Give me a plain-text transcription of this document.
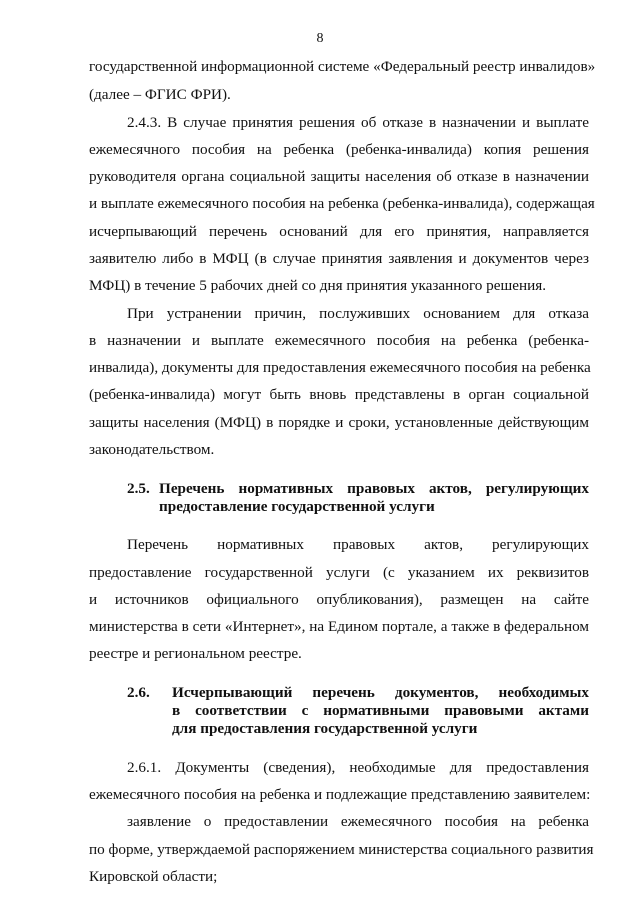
8
государственной информационной системе «Федеральный реестр инвалидов»
(далее – ФГИС ФРИ).
2.4.3. В случае принятия решения об отказе в назначении и выплате
ежемесячного пособия на ребенка (ребенка-инвалида) копия решения
руководителя органа социальной защиты населения об отказе в назначении
и выплате ежемесячного пособия на ребенка (ребенка-инвалида), содержащая
исчерпывающий перечень оснований для его принятия, направляется
заявителю либо в МФЦ (в случае принятия заявления и документов через
МФЦ) в течение 5 рабочих дней со дня принятия указанного решения.
При устранении причин, послуживших основанием для отказа
в назначении и выплате ежемесячного пособия на ребенка (ребенка-
инвалида), документы для предоставления ежемесячного пособия на ребенка
(ребенка-инвалида) могут быть вновь представлены в орган социальной
защиты населения (МФЦ) в порядке и сроки, установленные действующим
законодательством.
2.5. Перечень нормативных правовых актов, регулирующих
предоставление государственной услуги
Перечень нормативных правовых актов, регулирующих
предоставление государственной услуги (с указанием их реквизитов
и источников официального опубликования), размещен на сайте
министерства в сети «Интернет», на Едином портале, а также в федеральном
реестре и региональном реестре.
2.6. Исчерпывающий перечень документов, необходимых
в соответствии с нормативными правовыми актами
для предоставления государственной услуги
2.6.1. Документы (сведения), необходимые для предоставления
ежемесячного пособия на ребенка и подлежащие представлению заявителем:
заявление о предоставлении ежемесячного пособия на ребенка
по форме, утверждаемой распоряжением министерства социального развития
Кировской области;
